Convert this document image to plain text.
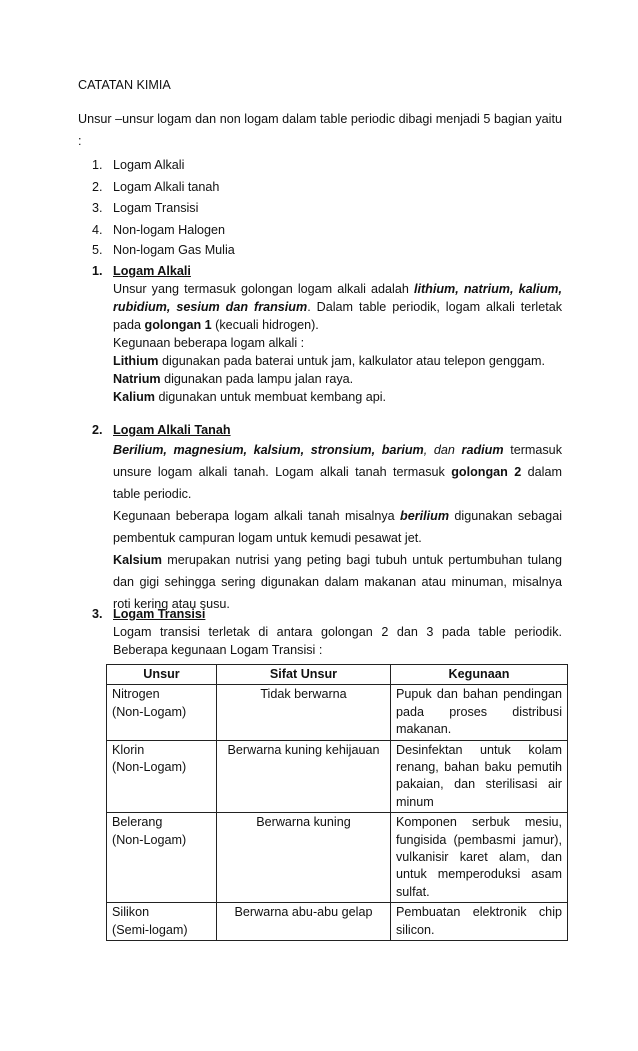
CATATAN KIMIA
Unsur –unsur logam dan non logam dalam table periodic dibagi menjadi 5 bagian yaitu :
1. Logam Alkali
2. Logam Alkali tanah
3. Logam Transisi
4. Non-logam Halogen
5. Non-logam Gas Mulia
1. Logam Alkali
Unsur yang termasuk golongan logam alkali adalah lithium, natrium, kalium, rubidium, sesium dan fransium. Dalam table periodik, logam alkali terletak pada golongan 1 (kecuali hidrogen).
Kegunaan beberapa logam alkali :
Lithium digunakan pada baterai untuk jam, kalkulator atau telepon genggam.
Natrium digunakan pada lampu jalan raya.
Kalium digunakan untuk membuat kembang api.
2. Logam Alkali Tanah
Berilium, magnesium, kalsium, stronsium, barium, dan radium termasuk unsure logam alkali tanah. Logam alkali tanah termasuk golongan 2 dalam table periodic.
Kegunaan beberapa logam alkali tanah misalnya berilium digunakan sebagai pembentuk campuran logam untuk kemudi pesawat jet.
Kalsium merupakan nutrisi yang peting bagi tubuh untuk pertumbuhan tulang dan gigi sehingga sering digunakan dalam makanan atau minuman, misalnya roti kering atau susu.
3. Logam Transisi
Logam transisi terletak di antara golongan 2 dan 3 pada table periodik. Beberapa kegunaan Logam Transisi :
Unsur	Sifat Unsur	Kegunaan

Nitrogen
(Non-Logam)	Tidak berwarna	Pupuk dan bahan pendingan pada proses distribusi makanan.

Klorin
(Non-Logam)	Berwarna kuning kehijauan	Desinfektan untuk kolam renang, bahan baku pemutih pakaian, dan sterilisasi air minum

Belerang
(Non-Logam)	Berwarna kuning	Komponen serbuk mesiu, fungisida (pembasmi jamur), vulkanisir karet alam, dan untuk memperoduksi asam sulfat.

Silikon
(Semi-logam)	Berwarna abu-abu gelap	Pembuatan elektronik chip silicon.
